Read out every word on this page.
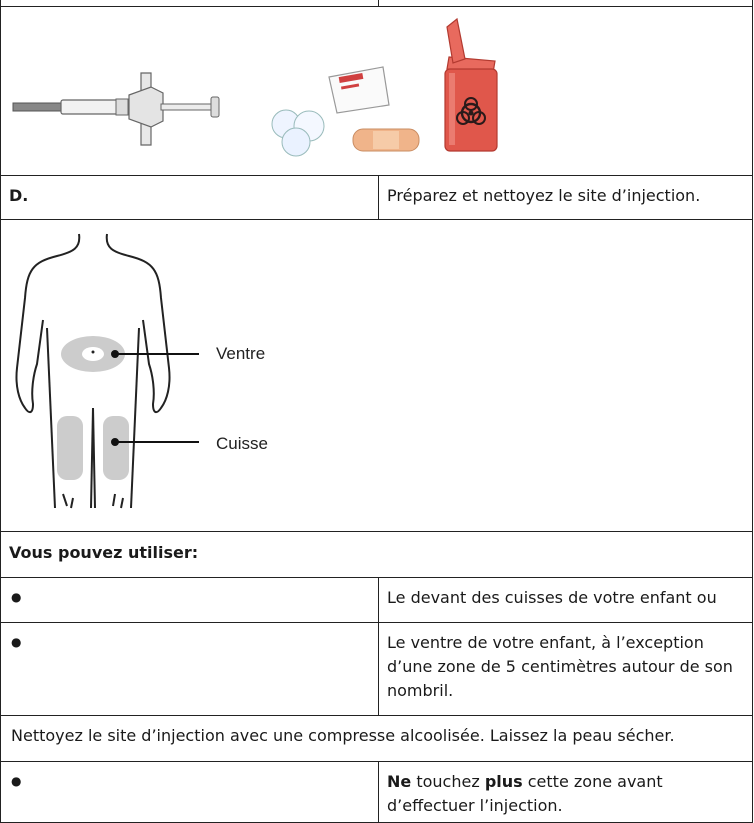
D.	Préparez et nettoyez le site d’injection.
Ventre
Cuisse
Vous pouvez utiliser:
●	Le devant des cuisses de votre enfant ou
●	Le ventre de votre enfant, à l’exception d’une zone de 5 centimètres autour de son nombril.
Nettoyez le site d’injection avec une compresse alcoolisée. Laissez la peau sécher.
●	Ne touchez plus cette zone avant d’effectuer l’injection.
